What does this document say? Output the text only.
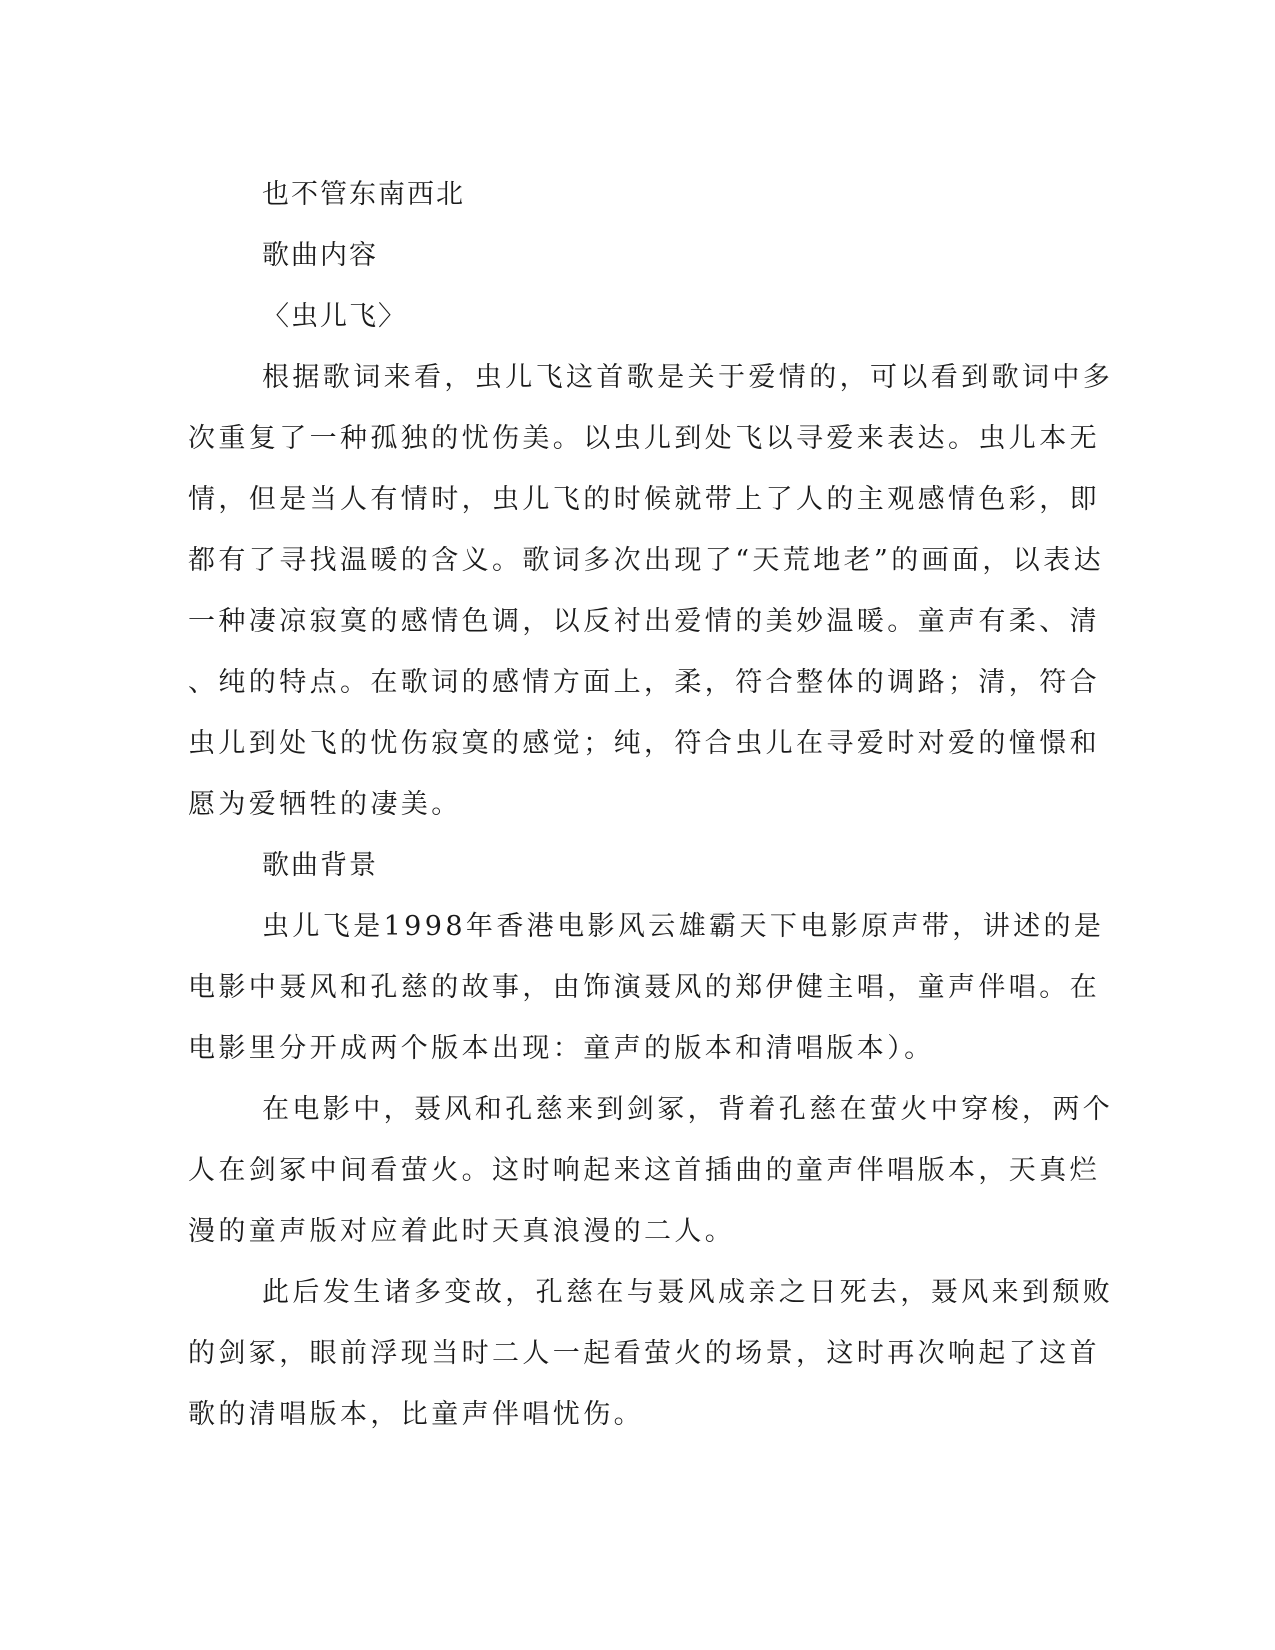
也不管东南西北
歌曲内容
〈虫儿飞〉
根据歌词来看，虫儿飞这首歌是关于爱情的，可以看到歌词中多
次重复了一种孤独的忧伤美。以虫儿到处飞以寻爱来表达。虫儿本无
情，但是当人有情时，虫儿飞的时候就带上了人的主观感情色彩，即
都有了寻找温暖的含义。歌词多次出现了“天荒地老”的画面，以表达
一种凄凉寂寞的感情色调，以反衬出爱情的美妙温暖。童声有柔、清
、纯的特点。在歌词的感情方面上，柔，符合整体的调路；清，符合
虫儿到处飞的忧伤寂寞的感觉；纯，符合虫儿在寻爱时对爱的憧憬和
愿为爱牺牲的凄美。
歌曲背景
虫儿飞是1998年香港电影风云雄霸天下电影原声带，讲述的是
电影中聂风和孔慈的故事，由饰演聂风的郑伊健主唱，童声伴唱。在
电影里分开成两个版本出现：童声的版本和清唱版本）。
在电影中，聂风和孔慈来到剑冢，背着孔慈在萤火中穿梭，两个
人在剑冢中间看萤火。这时响起来这首插曲的童声伴唱版本，天真烂
漫的童声版对应着此时天真浪漫的二人。
此后发生诸多变故，孔慈在与聂风成亲之日死去，聂风来到颓败
的剑冢，眼前浮现当时二人一起看萤火的场景，这时再次响起了这首
歌的清唱版本，比童声伴唱忧伤。
